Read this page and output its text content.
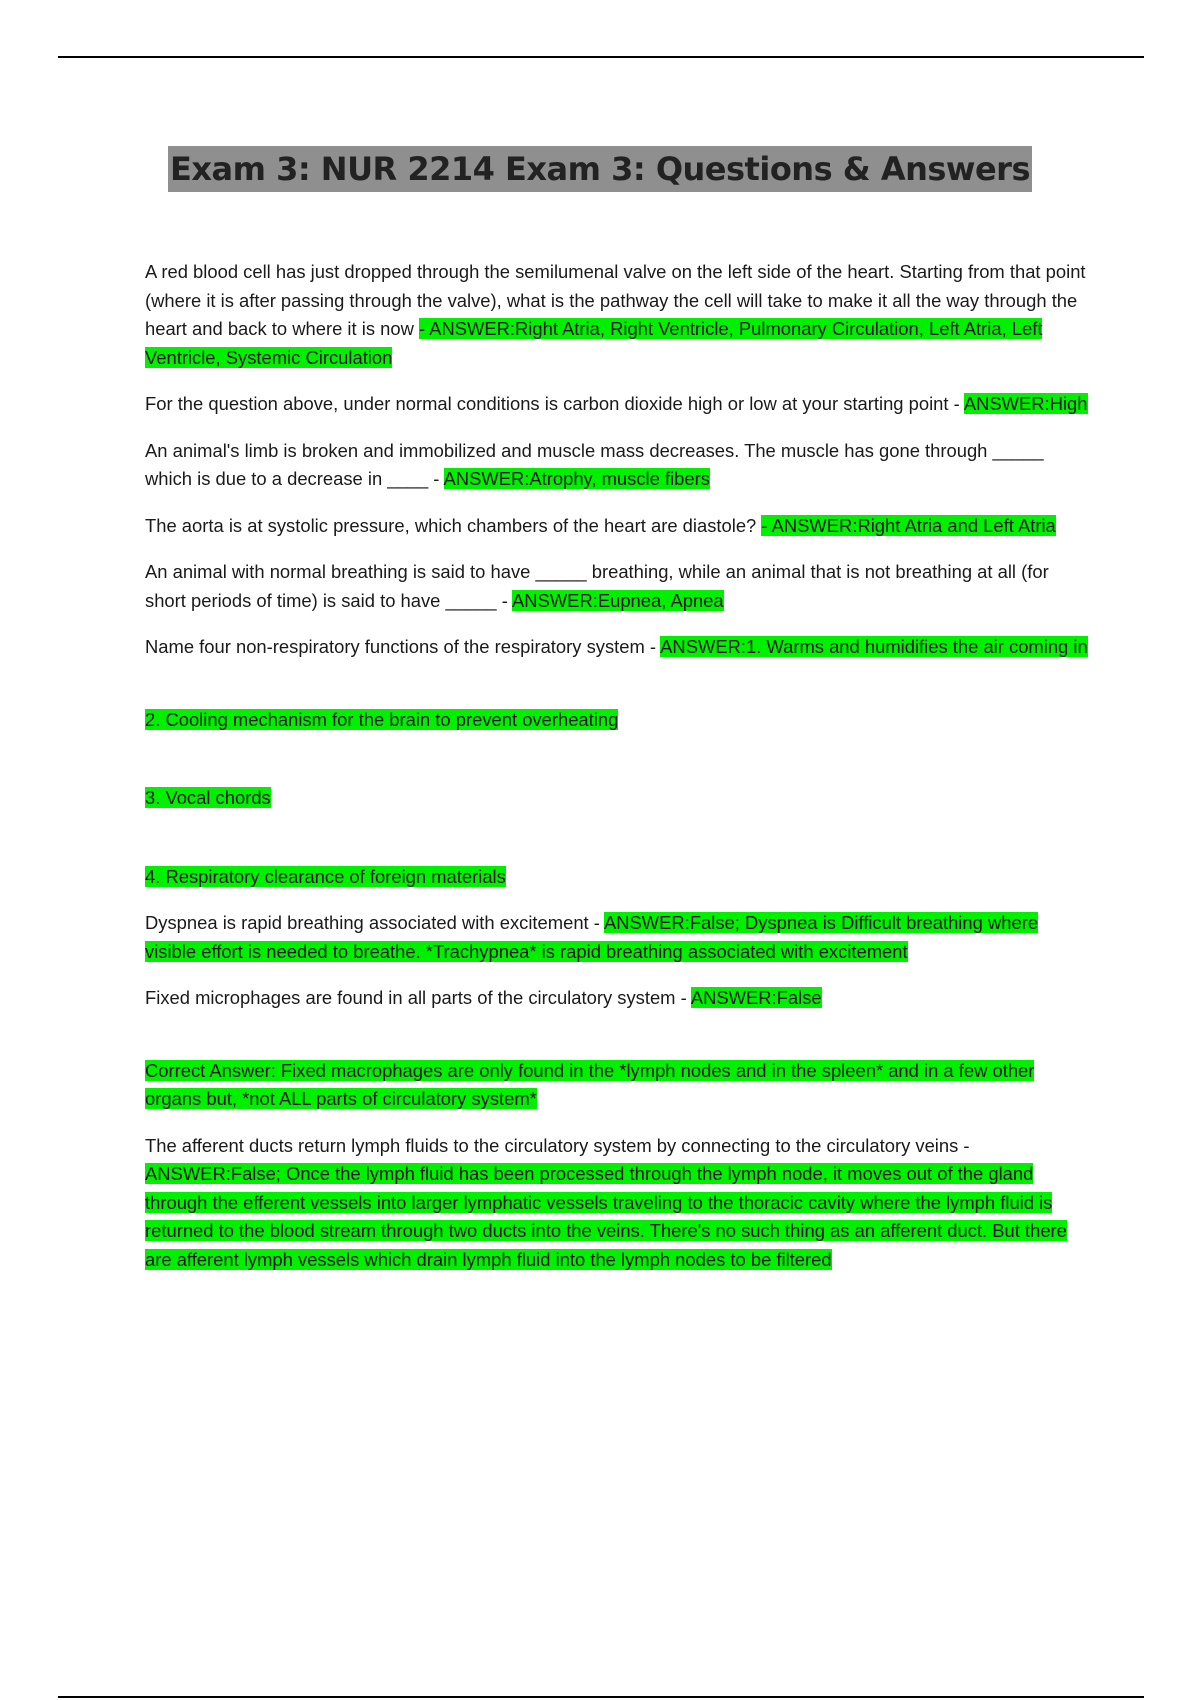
Exam 3: NUR 2214 Exam 3: Questions & Answers

A red blood cell has just dropped through the semilumenal valve on the left side of the heart. Starting from that point (where it is after passing through the valve), what is the pathway the cell will take to make it all the way through the heart and back to where it is now - ANSWER:Right Atria, Right Ventricle, Pulmonary Circulation, Left Atria, Left Ventricle, Systemic Circulation

For the question above, under normal conditions is carbon dioxide high or low at your starting point - ANSWER:High

An animal's limb is broken and immobilized and muscle mass decreases. The muscle has gone through _____ which is due to a decrease in ____ - ANSWER:Atrophy, muscle fibers

The aorta is at systolic pressure, which chambers of the heart are diastole? - ANSWER:Right Atria and Left Atria

An animal with normal breathing is said to have _____ breathing, while an animal that is not breathing at all (for short periods of time) is said to have _____ - ANSWER:Eupnea, Apnea

Name four non-respiratory functions of the respiratory system - ANSWER:1. Warms and humidifies the air coming in

2. Cooling mechanism for the brain to prevent overheating

3. Vocal chords

4. Respiratory clearance of foreign materials

Dyspnea is rapid breathing associated with excitement - ANSWER:False; Dyspnea is Difficult breathing where visible effort is needed to breathe. *Trachypnea* is rapid breathing associated with excitement

Fixed microphages are found in all parts of the circulatory system - ANSWER:False

Correct Answer: Fixed macrophages are only found in the *lymph nodes and in the spleen* and in a few other organs but, *not ALL parts of circulatory system*

The afferent ducts return lymph fluids to the circulatory system by connecting to the circulatory veins - ANSWER:False; Once the lymph fluid has been processed through the lymph node, it moves out of the gland through the efferent vessels into larger lymphatic vessels traveling to the thoracic cavity where the lymph fluid is returned to the blood stream through two ducts into the veins. There's no such thing as an afferent duct. But there are afferent lymph vessels which drain lymph fluid into the lymph nodes to be filtered
